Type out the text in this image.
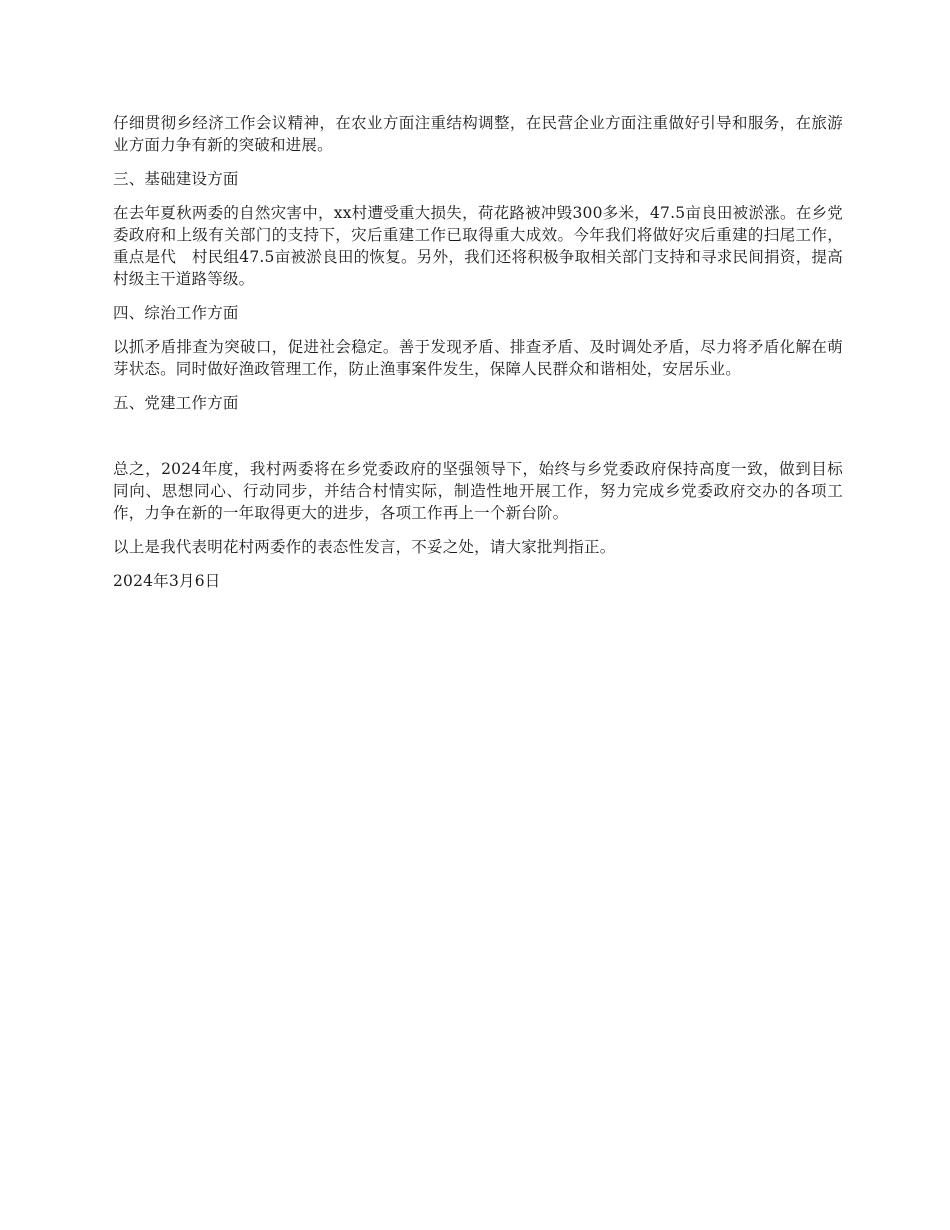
仔细贯彻乡经济工作会议精神，在农业方面注重结构调整，在民营企业方面注重做好引导和服务，在旅游业方面力争有新的突破和进展。

三、基础建设方面

在去年夏秋两委的自然灾害中，xx村遭受重大损失，荷花路被冲毁300多米，47.5亩良田被淤涨。在乡党委政府和上级有关部门的支持下，灾后重建工作已取得重大成效。今年我们将做好灾后重建的扫尾工作，重点是代　村民组47.5亩被淤良田的恢复。另外，我们还将积极争取相关部门支持和寻求民间捐资，提高村级主干道路等级。

四、综治工作方面

以抓矛盾排查为突破口，促进社会稳定。善于发现矛盾、排查矛盾、及时调处矛盾，尽力将矛盾化解在萌芽状态。同时做好渔政管理工作，防止渔事案件发生，保障人民群众和谐相处，安居乐业。

五、党建工作方面

总之，2024年度，我村两委将在乡党委政府的坚强领导下，始终与乡党委政府保持高度一致，做到目标同向、思想同心、行动同步，并结合村情实际，制造性地开展工作，努力完成乡党委政府交办的各项工作，力争在新的一年取得更大的进步，各项工作再上一个新台阶。

以上是我代表明花村两委作的表态性发言，不妥之处，请大家批判指正。

2024年3月6日
